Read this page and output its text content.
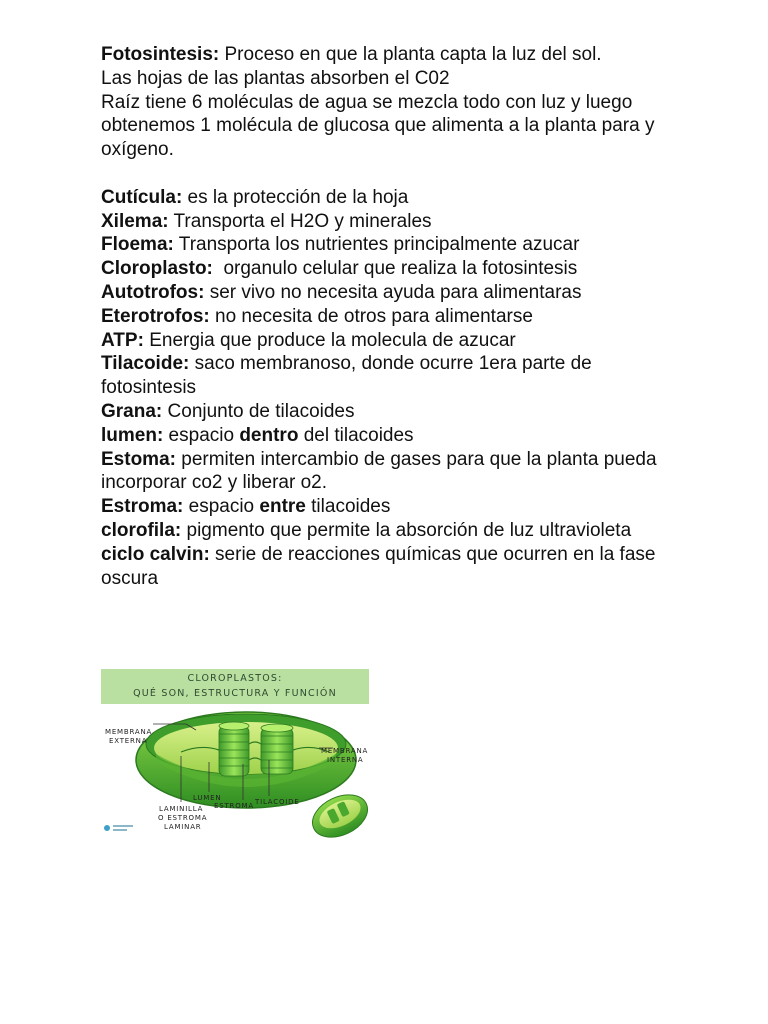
Fotosintesis: Proceso en que la planta capta la luz del sol.

Las hojas de las plantas absorben el C02

Raíz tiene 6 moléculas de agua se mezcla todo con luz y luego obtenemos 1 molécula de glucosa que alimenta a la planta para y oxígeno.

Cutícula: es la protección de la hoja

Xilema: Transporta el H2O y minerales

Floema: Transporta los nutrientes principalmente azucar

Cloroplasto:  organulo celular que realiza la fotosintesis

Autotrofos: ser vivo no necesita ayuda para alimentaras

Eterotrofos: no necesita de otros para alimentarse

ATP: Energia que produce la molecula de azucar

Tilacoide: saco membranoso, donde ocurre 1era parte de fotosintesis

Grana: Conjunto de tilacoides

lumen: espacio dentro del tilacoides

Estoma: permiten intercambio de gases para que la planta pueda incorporar co2 y liberar o2.

Estroma: espacio entre tilacoides

clorofila: pigmento que permite la absorción de luz ultravioleta

ciclo calvin: serie de reacciones químicas que ocurren en la fase oscura

CLOROPLASTOS:
QUÉ SON, ESTRUCTURA Y FUNCIÓN
MEMBRANA
EXTERNA
MEMBRANA
INTERNA
LUMEN
ESTROMA TILACOIDE
LAMINILLA
O ESTROMA
LAMINAR
